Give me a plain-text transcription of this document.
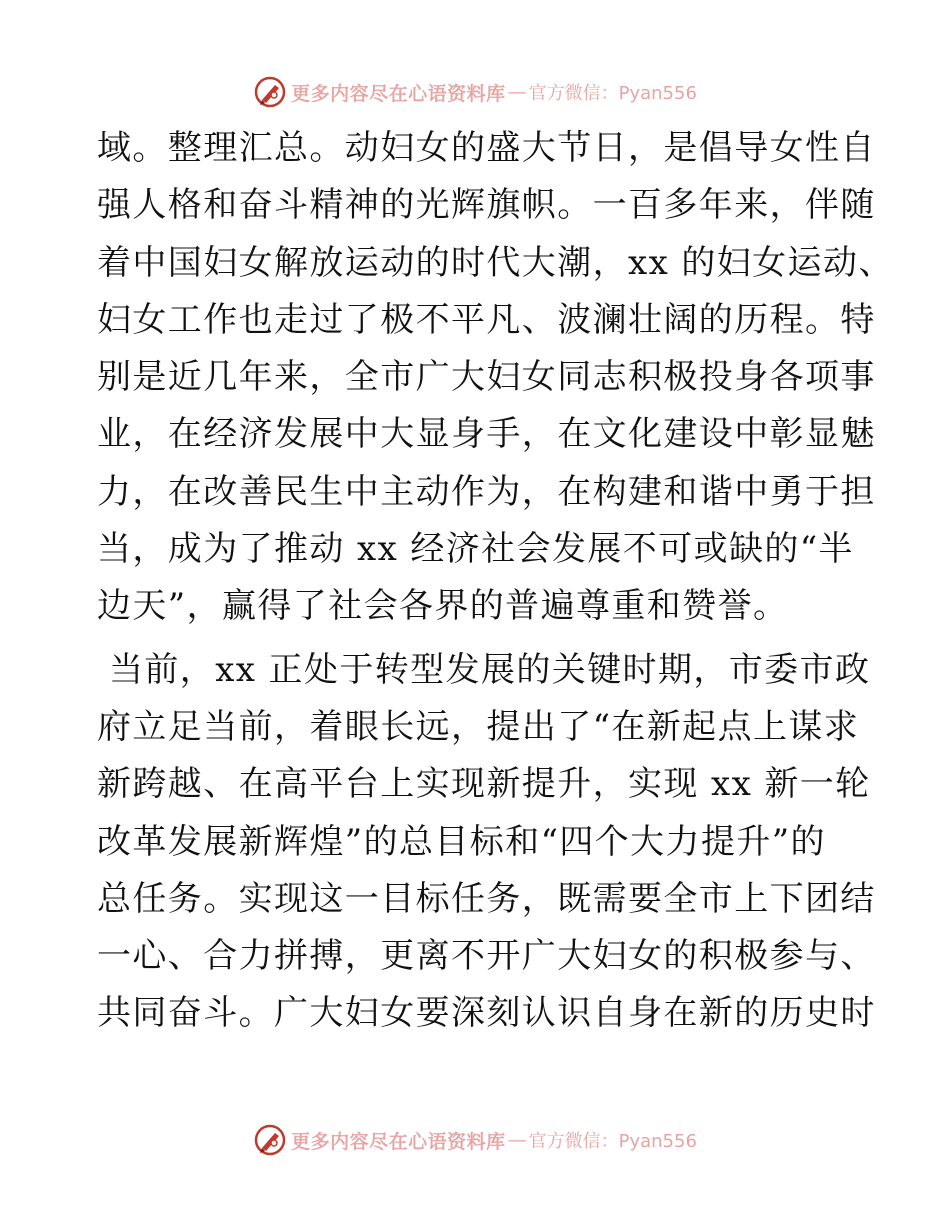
更多内容尽在心语资料库 — 官方微信：Pyan556

域。整理汇总。动妇女的盛大节日，是倡导女性自
强人格和奋斗精神的光辉旗帜。一百多年来，伴随
着中国妇女解放运动的时代大潮，xx 的妇女运动、
妇女工作也走过了极不平凡、波澜壮阔的历程。特
别是近几年来，全市广大妇女同志积极投身各项事
业，在经济发展中大显身手，在文化建设中彰显魅
力，在改善民生中主动作为，在构建和谐中勇于担
当，成为了推动 xx 经济社会发展不可或缺的“半
边天”，赢得了社会各界的普遍尊重和赞誉。

当前，xx 正处于转型发展的关键时期，市委市政
府立足当前，着眼长远，提出了“在新起点上谋求
新跨越、在高平台上实现新提升，实现 xx 新一轮
改革发展新辉煌”的总目标和“四个大力提升”的
总任务。实现这一目标任务，既需要全市上下团结
一心、合力拼搏，更离不开广大妇女的积极参与、
共同奋斗。广大妇女要深刻认识自身在新的历史时

更多内容尽在心语资料库 — 官方微信：Pyan556
